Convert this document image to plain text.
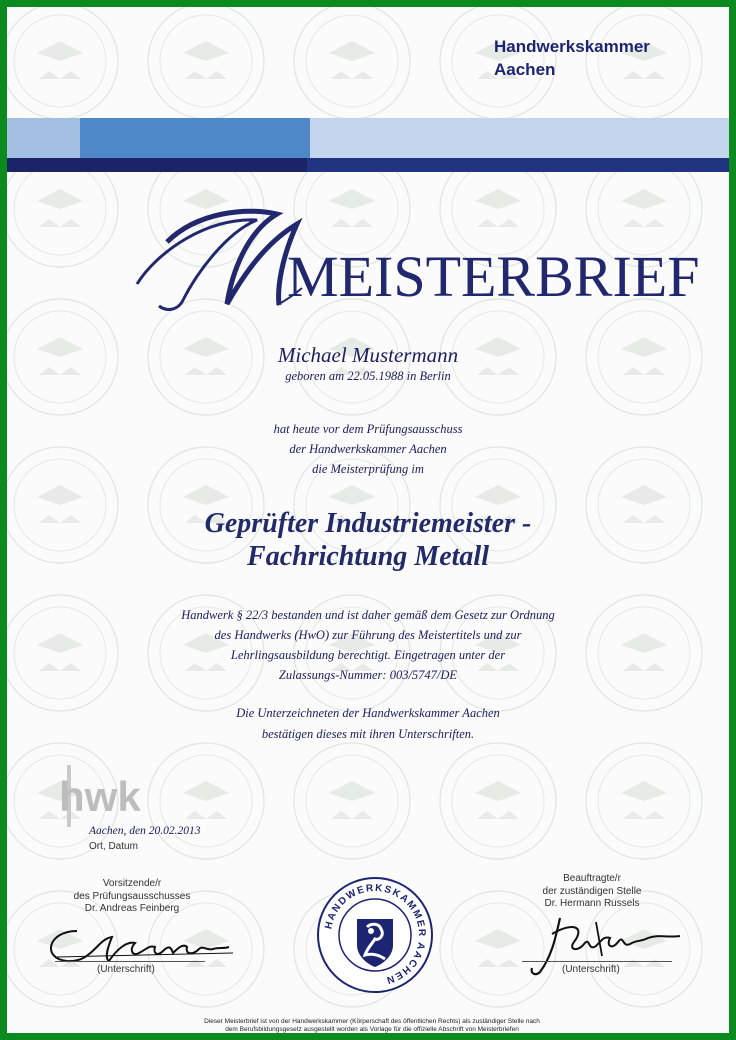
Handwerkskammer
Aachen
MEISTERBRIEF
Michael Mustermann
geboren am 22.05.1988 in Berlin
hat heute vor dem Prüfungsausschuss
der Handwerkskammer Aachen
die Meisterprüfung im
Geprüfter Industriemeister -
Fachrichtung Metall
Handwerk § 22/3 bestanden und ist daher gemäß dem Gesetz zur Ordnung
des Handwerks (HwO) zur Führung des Meistertitels und zur
Lehrlingsausbildung berechtigt. Eingetragen unter der
Zulassungs-Nummer: 003/5747/DE
Die Unterzeichneten der Handwerkskammer Aachen
bestätigen dieses mit ihren Unterschriften.
hwk
Aachen, den 20.02.2013
Ort, Datum
Vorsitzende/r
des Prüfungsausschusses
Dr. Andreas Feinberg
(Unterschrift)
Beauftragte/r
der zuständigen Stelle
Dr. Hermann Russels
(Unterschrift)
HANDWERKSKAMMER AACHEN
Dieser Meisterbrief ist von der Handwerkskammer (Körperschaft des öffentlichen Rechts) als zuständiger Stelle nach
dem Berufsbildungsgesetz ausgestellt worden als Vorlage für die offizielle Abschrift von Meisterbriefen
